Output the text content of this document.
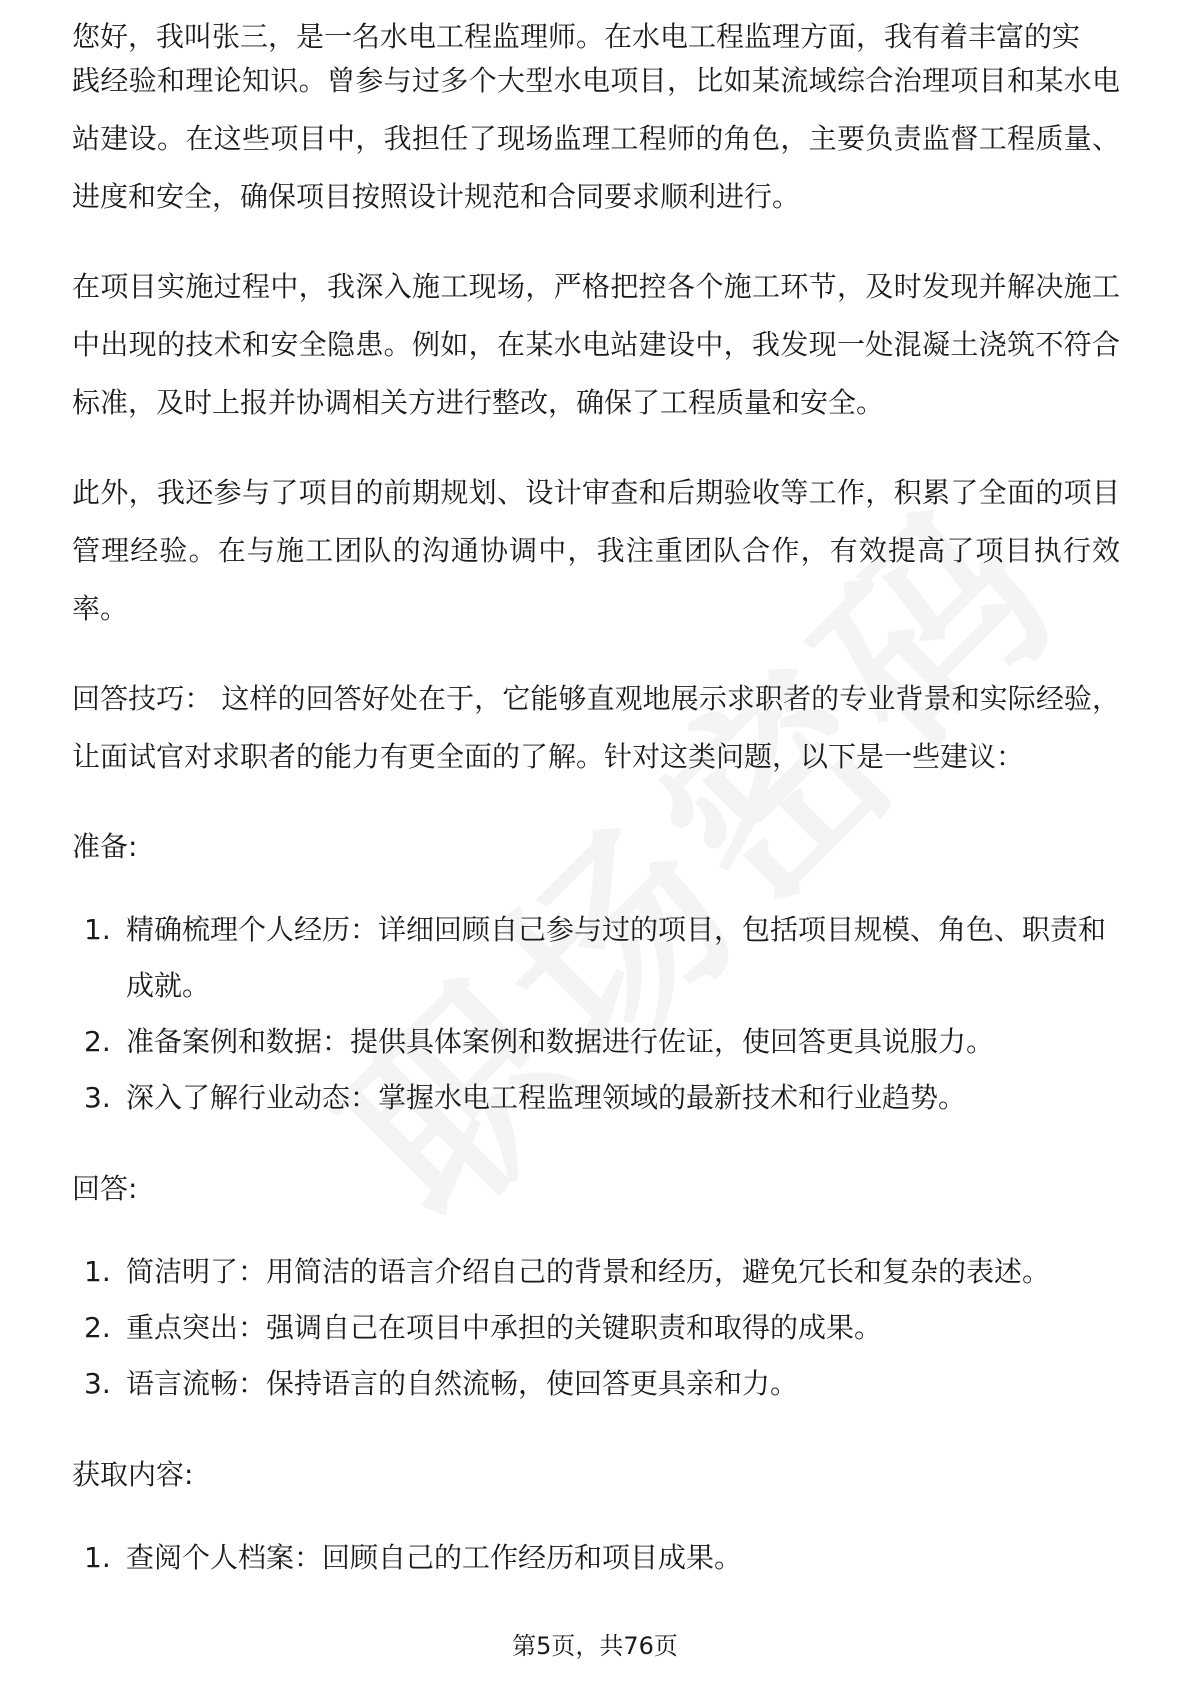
您好，我叫张三，是一名水电工程监理师。在水电工程监理方面，我有着丰富的实

践经验和理论知识。曾参与过多个大型水电项目，比如某流域综合治理项目和某水电站建设。在这些项目中，我担任了现场监理工程师的角色，主要负责监督工程质量、进度和安全，确保项目按照设计规范和合同要求顺利进行。

在项目实施过程中，我深入施工现场，严格把控各个施工环节，及时发现并解决施工中出现的技术和安全隐患。例如，在某水电站建设中，我发现一处混凝土浇筑不符合标准，及时上报并协调相关方进行整改，确保了工程质量和安全。

此外，我还参与了项目的前期规划、设计审查和后期验收等工作，积累了全面的项目管理经验。在与施工团队的沟通协调中，我注重团队合作，有效提高了项目执行效率。

回答技巧： 这样的回答好处在于，它能够直观地展示求职者的专业背景和实际经验，让面试官对求职者的能力有更全面的了解。针对这类问题，以下是一些建议：

准备:
1. 精确梳理个人经历：详细回顾自己参与过的项目，包括项目规模、角色、职责和成就。
2. 准备案例和数据：提供具体案例和数据进行佐证，使回答更具说服力。
3. 深入了解行业动态：掌握水电工程监理领域的最新技术和行业趋势。
回答:
1. 简洁明了：用简洁的语言介绍自己的背景和经历，避免冗长和复杂的表述。
2. 重点突出：强调自己在项目中承担的关键职责和取得的成果。
3. 语言流畅：保持语言的自然流畅，使回答更具亲和力。
获取内容:
1. 查阅个人档案：回顾自己的工作经历和项目成果。
第5页，共76页
